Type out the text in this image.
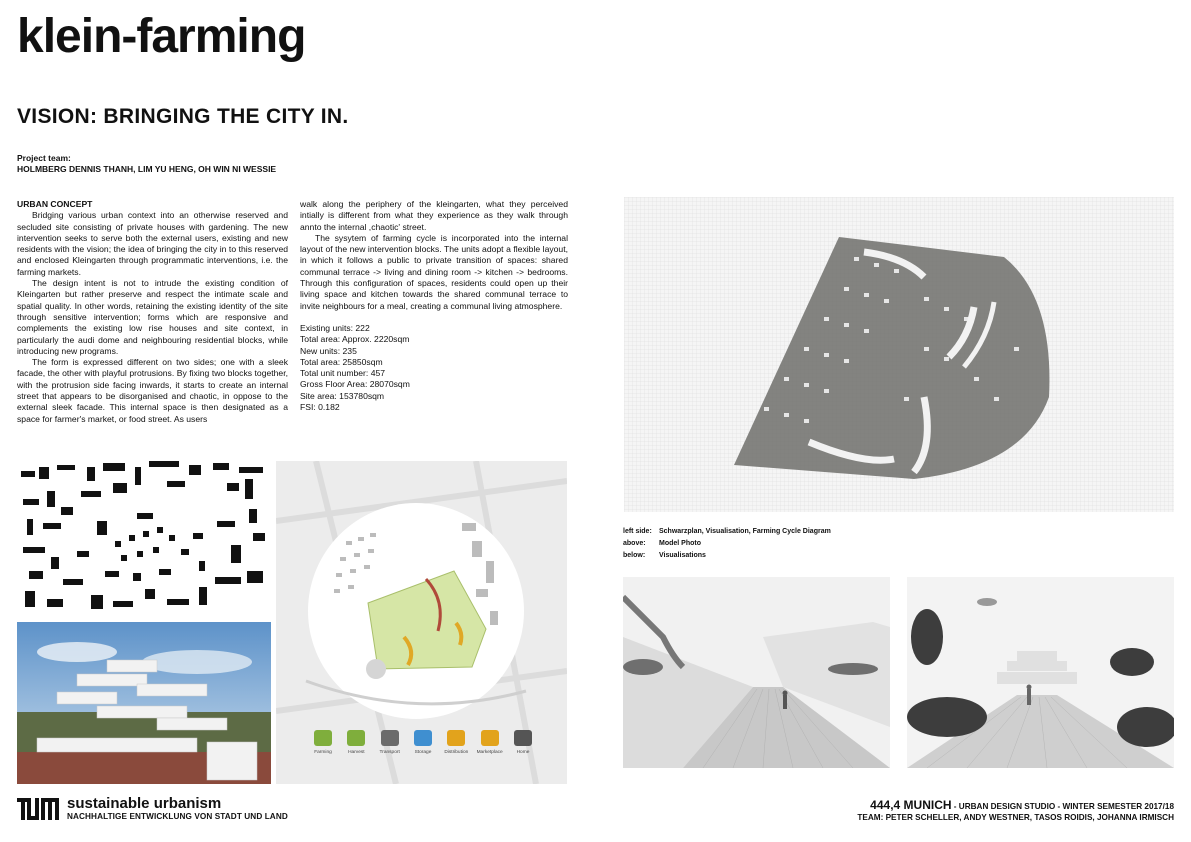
klein-farming
VISION: BRINGING THE CITY IN.
Project team:
HOLMBERG DENNIS THANH, LIM YU HENG, OH WIN NI WESSIE

URBAN CONCEPT

Bridging various urban context into an otherwise reserved and secluded site consisting of private houses with gardening. The new intervention seeks to serve both the external users, existing and new residents with the vision; the idea of bringing the city in to this reserved and enclosed Kleingarten through programmatic interventions, i.e. the farming markets.

The design intent is not to intrude the existing condition of Kleingarten but rather preserve and respect the intimate scale and spatial quality. In other words, retaining the existing identity of the site through sensitive intervention; forms which are responsive and complements the existing low rise houses and site context, in particularly the audi dome and neighbouring residential blocks, while introducing new programs.

The form is expressed different on two sides; one with a sleek facade, the other with playful protrusions. By fixing two blocks together, with the protrusion side facing inwards, it starts to create an internal street that appears to be disorganised and chaotic, in oppose to the external sleek facade. This internal space is then designated as a space for farmer's market, or food street. As users

walk along the periphery of the kleingarten, what they perceived intially is different from what they experience as they walk through annto the internal ,chaotic' street.

The sysytem of farming cycle is incorporated into the internal layout of the new intervention blocks. The units adopt a flexible layout, in which it follows a public to private transition of spaces: shared communal terrace -> living and dining room -> kitchen -> bedrooms. Through this configuration of spaces, residents could open up their living space and kitchen towards the shared communal terrace to invite neighbours for a meal, creating a communal living atmosphere.

Existing units: 222
Total area: Approx. 2220sqm
New units: 235
Total area: 25850sqm
Total unit number: 457
Gross Floor Area: 28070sqm
Site area: 153780sqm
FSI: 0.182
Farming	Harvest	Transport	Storage	Distribution Marketplace	Home
left side:	Schwarzplan, Visualisation, Farming Cycle Diagram
above:	Model Photo
below:	Visualisations
sustainable urbanism
NACHHALTIGE ENTWICKLUNG VON STADT UND LAND
444,4 MUNICH - URBAN DESIGN STUDIO - WINTER SEMESTER 2017/18
TEAM: PETER SCHELLER, ANDY WESTNER, TASOS ROIDIS, JOHANNA IRMISCH
